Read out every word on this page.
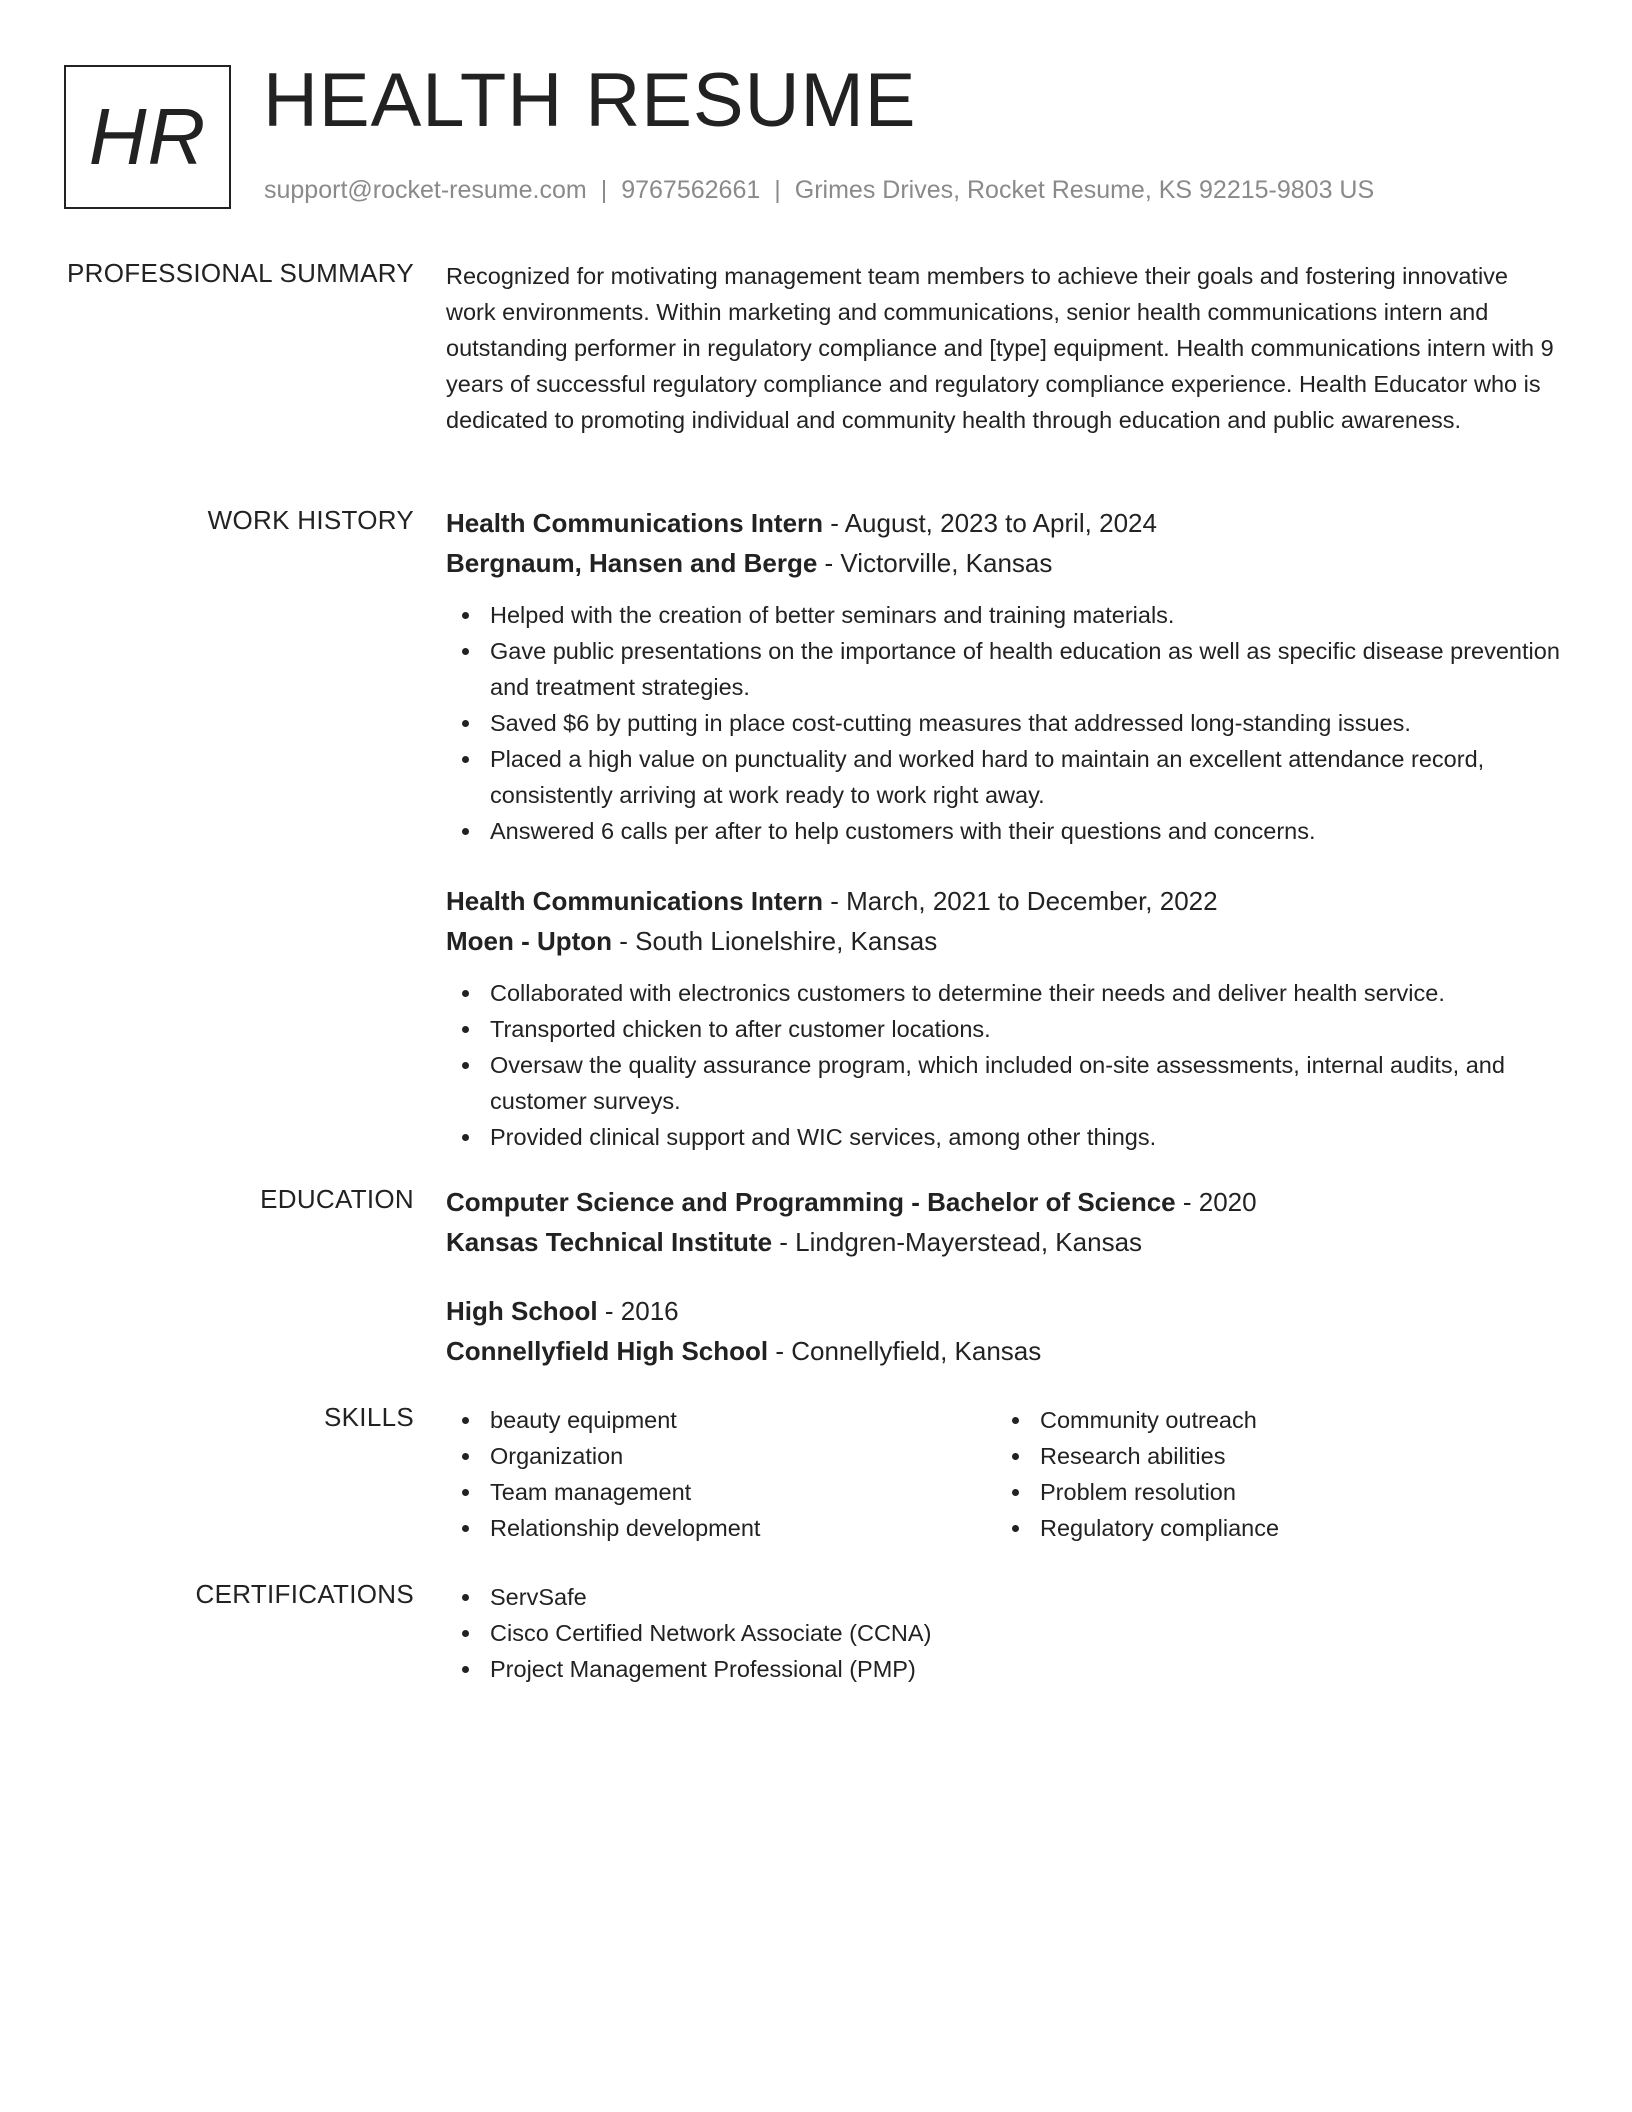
HR HEALTH RESUME
support@rocket-resume.com | 9767562661 | Grimes Drives, Rocket Resume, KS 92215-9803 US
PROFESSIONAL SUMMARY Recognized for motivating management team members to achieve their goals and fostering innovative work environments. Within marketing and communications, senior health communications intern and outstanding performer in regulatory compliance and [type] equipment. Health communications intern with 9 years of successful regulatory compliance and regulatory compliance experience. Health Educator who is dedicated to promoting individual and community health through education and public awareness.

WORK HISTORY Health Communications Intern - August, 2023 to April, 2024
Bergnaum, Hansen and Berge - Victorville, Kansas
Helped with the creation of better seminars and training materials.
Gave public presentations on the importance of health education as well as specific disease prevention and treatment strategies.
Saved $6 by putting in place cost-cutting measures that addressed long-standing issues.
Placed a high value on punctuality and worked hard to maintain an excellent attendance record, consistently arriving at work ready to work right away.
Answered 6 calls per after to help customers with their questions and concerns.
Health Communications Intern - March, 2021 to December, 2022
Moen - Upton - South Lionelshire, Kansas
Collaborated with electronics customers to determine their needs and deliver health service.
Transported chicken to after customer locations.
Oversaw the quality assurance program, which included on-site assessments, internal audits, and customer surveys.
Provided clinical support and WIC services, among other things.
EDUCATION Computer Science and Programming - Bachelor of Science - 2020
Kansas Technical Institute - Lindgren-Mayerstead, Kansas
High School - 2016
Connellyfield High School - Connellyfield, Kansas
SKILLS	beauty equipment
Organization
Team management
Relationship development
Community outreach
Research abilities
Problem resolution
Regulatory compliance
CERTIFICATIONS	ServSafe
Cisco Certified Network Associate (CCNA)
Project Management Professional (PMP)
